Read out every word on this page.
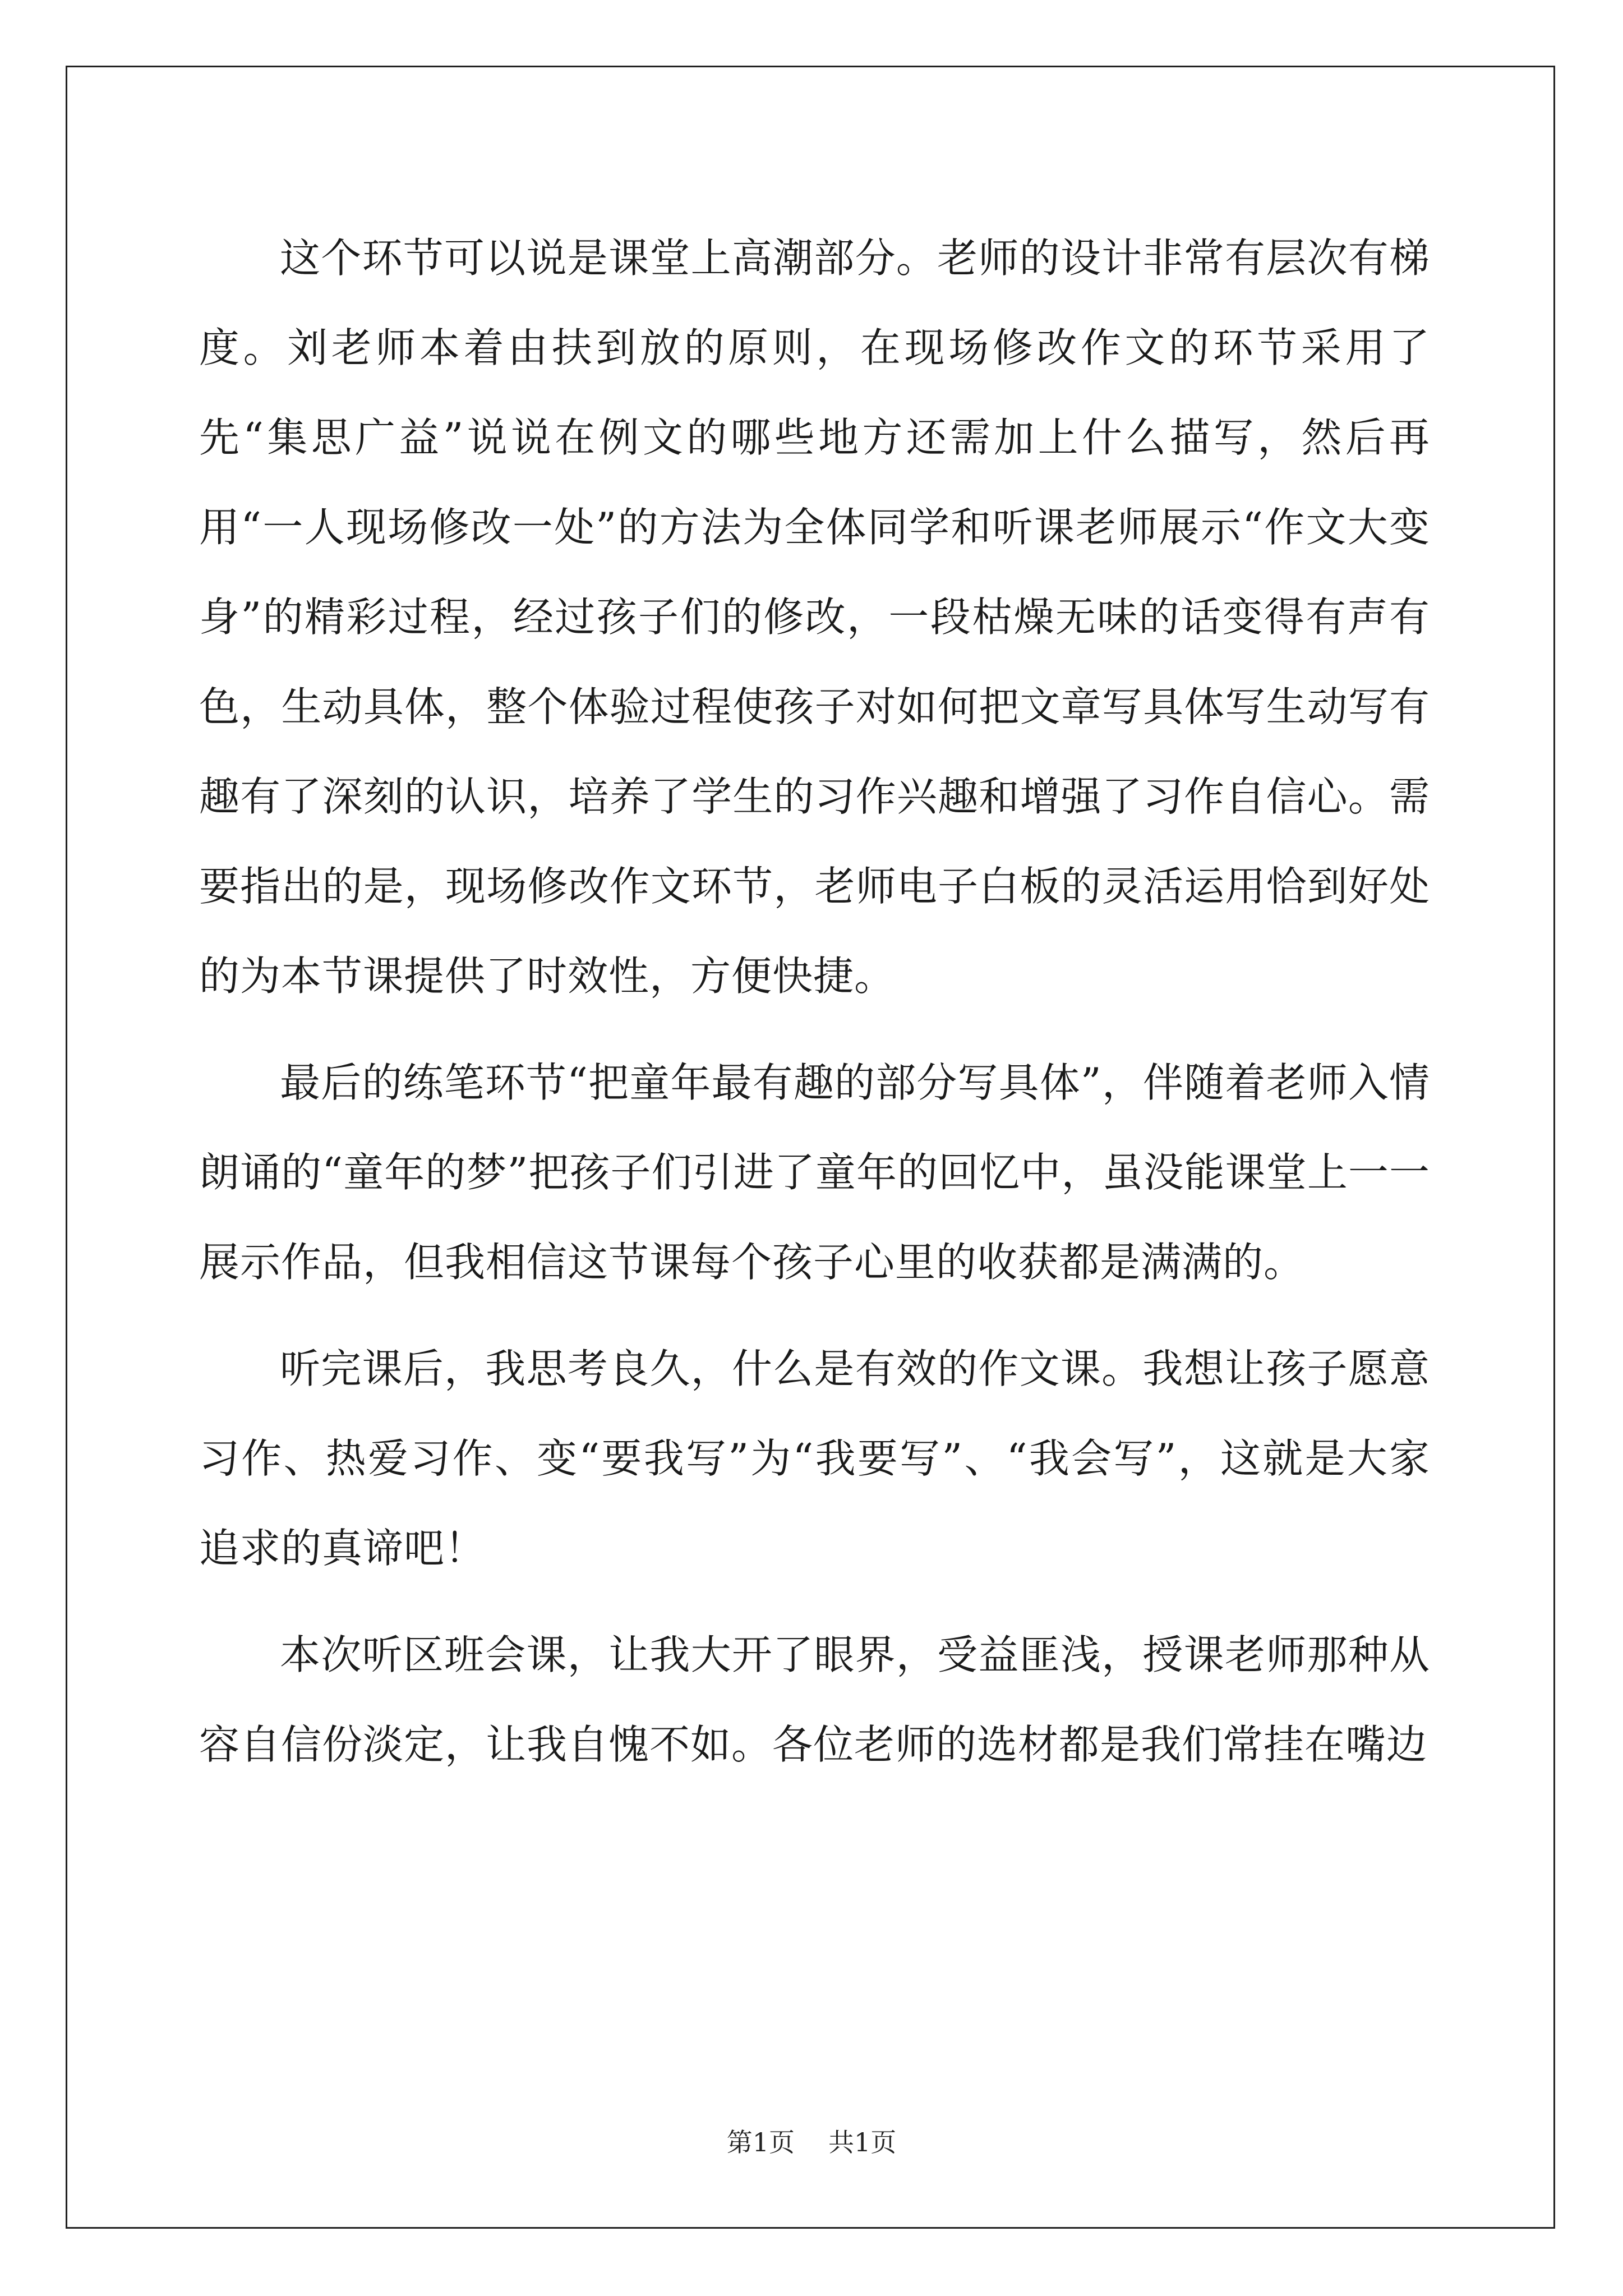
这个环节可以说是课堂上高潮部分。老师的设计非常有层次有梯度。刘老师本着由扶到放的原则，在现场修改作文的环节采用了先“集思广益”说说在例文的哪些地方还需加上什么描写，然后再用“一人现场修改一处”的方法为全体同学和听课老师展示“作文大变身”的精彩过程，经过孩子们的修改，一段枯燥无味的话变得有声有色，生动具体，整个体验过程使孩子对如何把文章写具体写生动写有趣有了深刻的认识，培养了学生的习作兴趣和增强了习作自信心。需要指出的是，现场修改作文环节，老师电子白板的灵活运用恰到好处的为本节课提供了时效性，方便快捷。

最后的练笔环节“把童年最有趣的部分写具体”，伴随着老师入情朗诵的“童年的梦”把孩子们引进了童年的回忆中，虽没能课堂上一一展示作品，但我相信这节课每个孩子心里的收获都是满满的。

听完课后，我思考良久，什么是有效的作文课。我想让孩子愿意习作、热爱习作、变“要我写”为“我要写”、“我会写”，这就是大家追求的真谛吧！

本次听区班会课，让我大开了眼界，受益匪浅，授课老师那种从容自信份淡定，让我自愧不如。各位老师的选材都是我们常挂在嘴边

第1页 共1页
